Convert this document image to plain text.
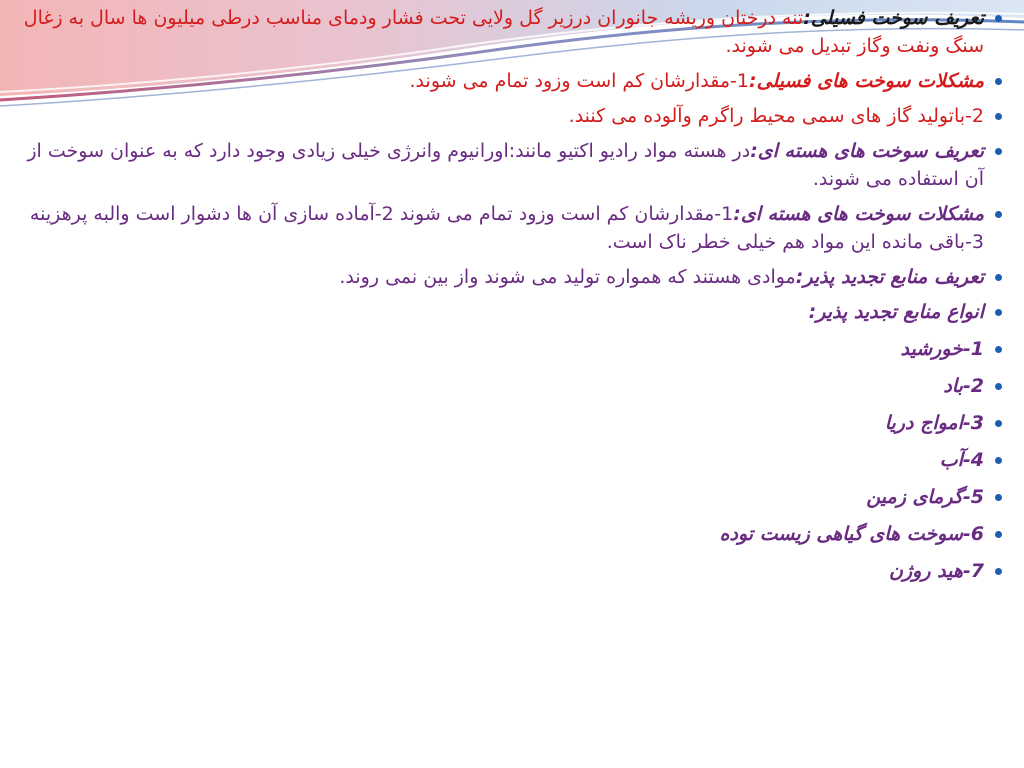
تعریف سوخت فسیلی:تنه درختان وریشه جانوران درزیر گل ولایی تحت فشار ودمای مناسب درطی میلیون ها سال به زغال سنگ ونفت وگاز تبدیل می شوند.
مشکلات سوخت های فسیلی:1-مقدارشان کم است وزود تمام می شوند.
2-باتولید گاز های سمی محیط راگرم وآلوده می کنند.
تعریف سوخت های هسته ای:در هسته مواد رادیو اکتیو مانند:اورانیوم وانرژی خیلی زیادی وجود دارد که به عنوان سوخت از آن استفاده می شوند.
مشکلات سوخت های هسته ای:1-مقدارشان کم است وزود تمام می شوند 2-آماده سازی آن ها دشوار است والبه پرهزینه 3-باقی مانده این مواد هم خیلی خطر ناک است.
تعریف منابع تجدید پذیر:موادی هستند که همواره تولید می شوند واز بین نمی روند.
انواع منابع تجدید پذیر:
1-خورشید
2-باد
3-امواج دریا
4-آب
5-گرمای زمین
6-سوخت های گیاهی زیست توده
7-هید روژن
